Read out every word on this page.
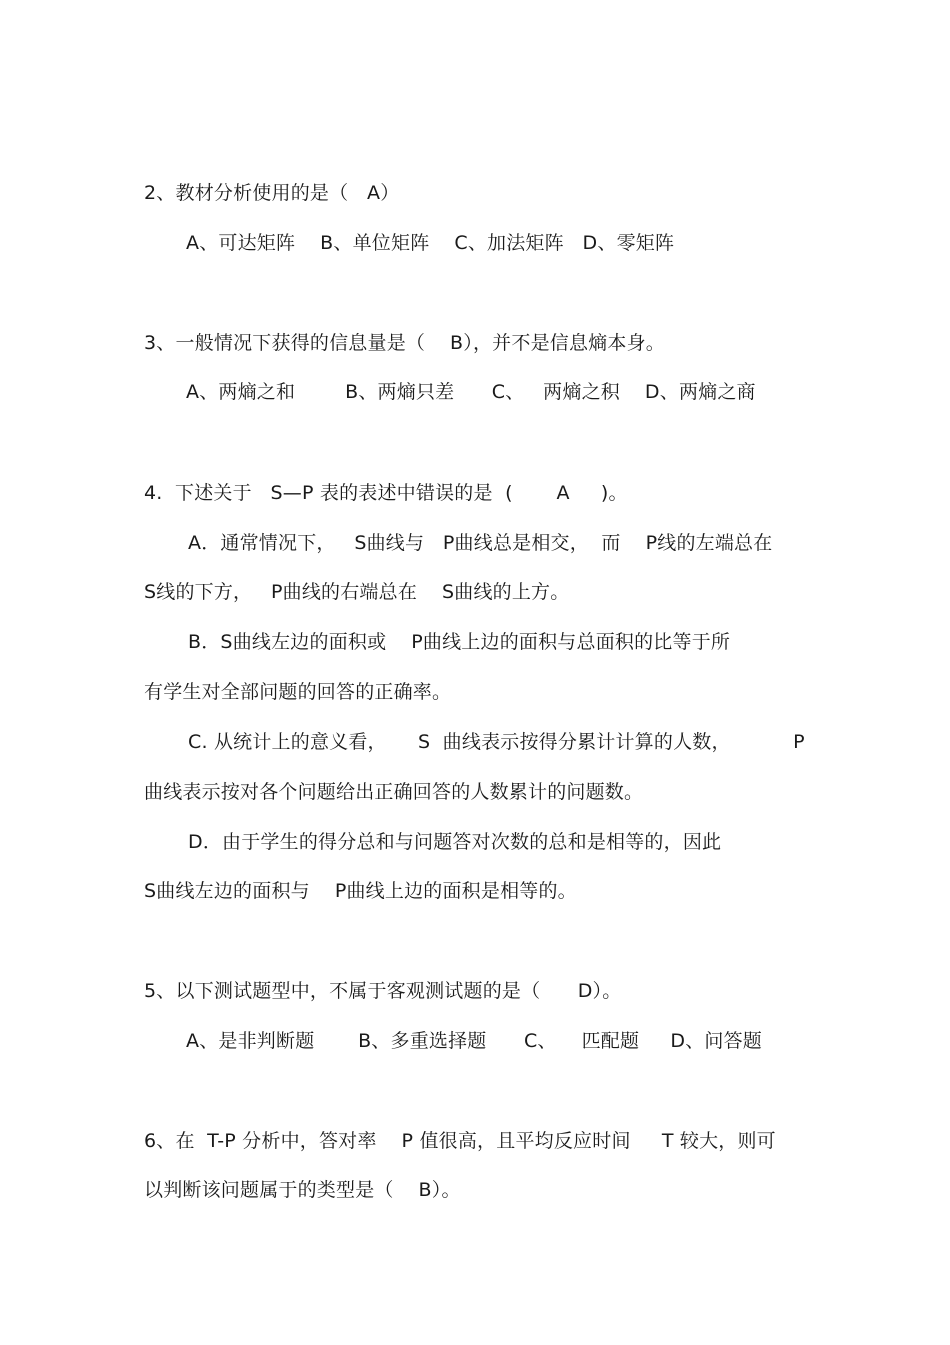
2、教材分析使用的是（   A）
A、可达矩阵    B、单位矩阵    C、加法矩阵   D、零矩阵
3、一般情况下获得的信息量是（    B），并不是信息熵本身。
A、两熵之和        B、两熵只差      C、   两熵之积    D、两熵之商
4.  下述关于   S—P 表的表述中错误的是  (       A     )。
A．通常情况下，   S曲线与   P曲线总是相交，  而    P线的左端总在
S线的下方，   P曲线的右端总在    S曲线的上方。
B．S曲线左边的面积或    P曲线上边的面积与总面积的比等于所
有学生对全部问题的回答的正确率。
C. 从统计上的意义看，     S  曲线表示按得分累计计算的人数，          P
曲线表示按对各个问题给出正确回答的人数累计的问题数。
D．由于学生的得分总和与问题答对次数的总和是相等的，因此
S曲线左边的面积与    P曲线上边的面积是相等的。
5、以下测试题型中，不属于客观测试题的是（      D）。
A、是非判断题       B、多重选择题      C、    匹配题     D、问答题
6、在  T-P 分析中，答对率    P 值很高，且平均反应时间     T 较大，则可
以判断该问题属于的类型是（    B）。
